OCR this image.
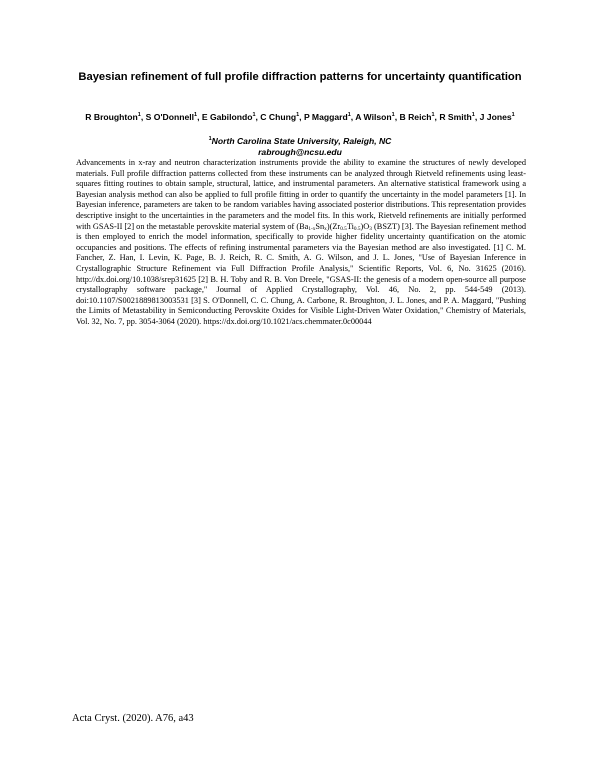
Bayesian refinement of full profile diffraction patterns for uncertainty quantification
R Broughton$^1$, S O'Donnell$^1$, E Gabilondo$^1$, C Chung$^1$, P Maggard$^1$, A Wilson$^1$, B Reich$^1$, R Smith$^1$, J Jones$^1$
$^1$North Carolina State University, Raleigh, NC
rabrough@ncsu.edu
Advancements in x-ray and neutron characterization instruments provide the ability to examine the structures of newly developed materials. Full profile diffraction patterns collected from these instruments can be analyzed through Rietveld refinements using least-squares fitting routines to obtain sample, structural, lattice, and instrumental parameters. An alternative statistical framework using a Bayesian analysis method can also be applied to full profile fitting in order to quantify the uncertainty in the model parameters [1]. In Bayesian inference, parameters are taken to be random variables having associated posterior distributions. This representation provides descriptive insight to the uncertainties in the parameters and the model fits. In this work, Rietveld refinements are initially performed with GSAS-II [2] on the metastable perovskite material system of $(Ba_{1-x}Sn_x)(Zr_{0.5}Ti_{0.5})O_3$ (BSZT) [3]. The Bayesian refinement method is then employed to enrich the model information, specifically to provide higher fidelity uncertainty quantification on the atomic occupancies and positions. The effects of refining instrumental parameters via the Bayesian method are also investigated. [1] C. M. Fancher, Z. Han, I. Levin, K. Page, B. J. Reich, R. C. Smith, A. G. Wilson, and J. L. Jones, "Use of Bayesian Inference in Crystallographic Structure Refinement via Full Diffraction Profile Analysis," Scientific Reports, Vol. 6, No. 31625 (2016). http://dx.doi.org/10.1038/srep31625 [2] B. H. Toby and R. B. Von Dreele, "GSAS-II: the genesis of a modern open-source all purpose crystallography software package," Journal of Applied Crystallography, Vol. 46, No. 2, pp. 544-549 (2013). doi:10.1107/S0021889813003531 [3] S. O'Donnell, C. C. Chung, A. Carbone, R. Broughton, J. L. Jones, and P. A. Maggard, "Pushing the Limits of Metastability in Semiconducting Perovskite Oxides for Visible Light-Driven Water Oxidation," Chemistry of Materials, Vol. 32, No. 7, pp. 3054-3064 (2020). https://dx.doi.org/10.1021/acs.chemmater.0c00044
Acta Cryst. (2020). A76, a43
